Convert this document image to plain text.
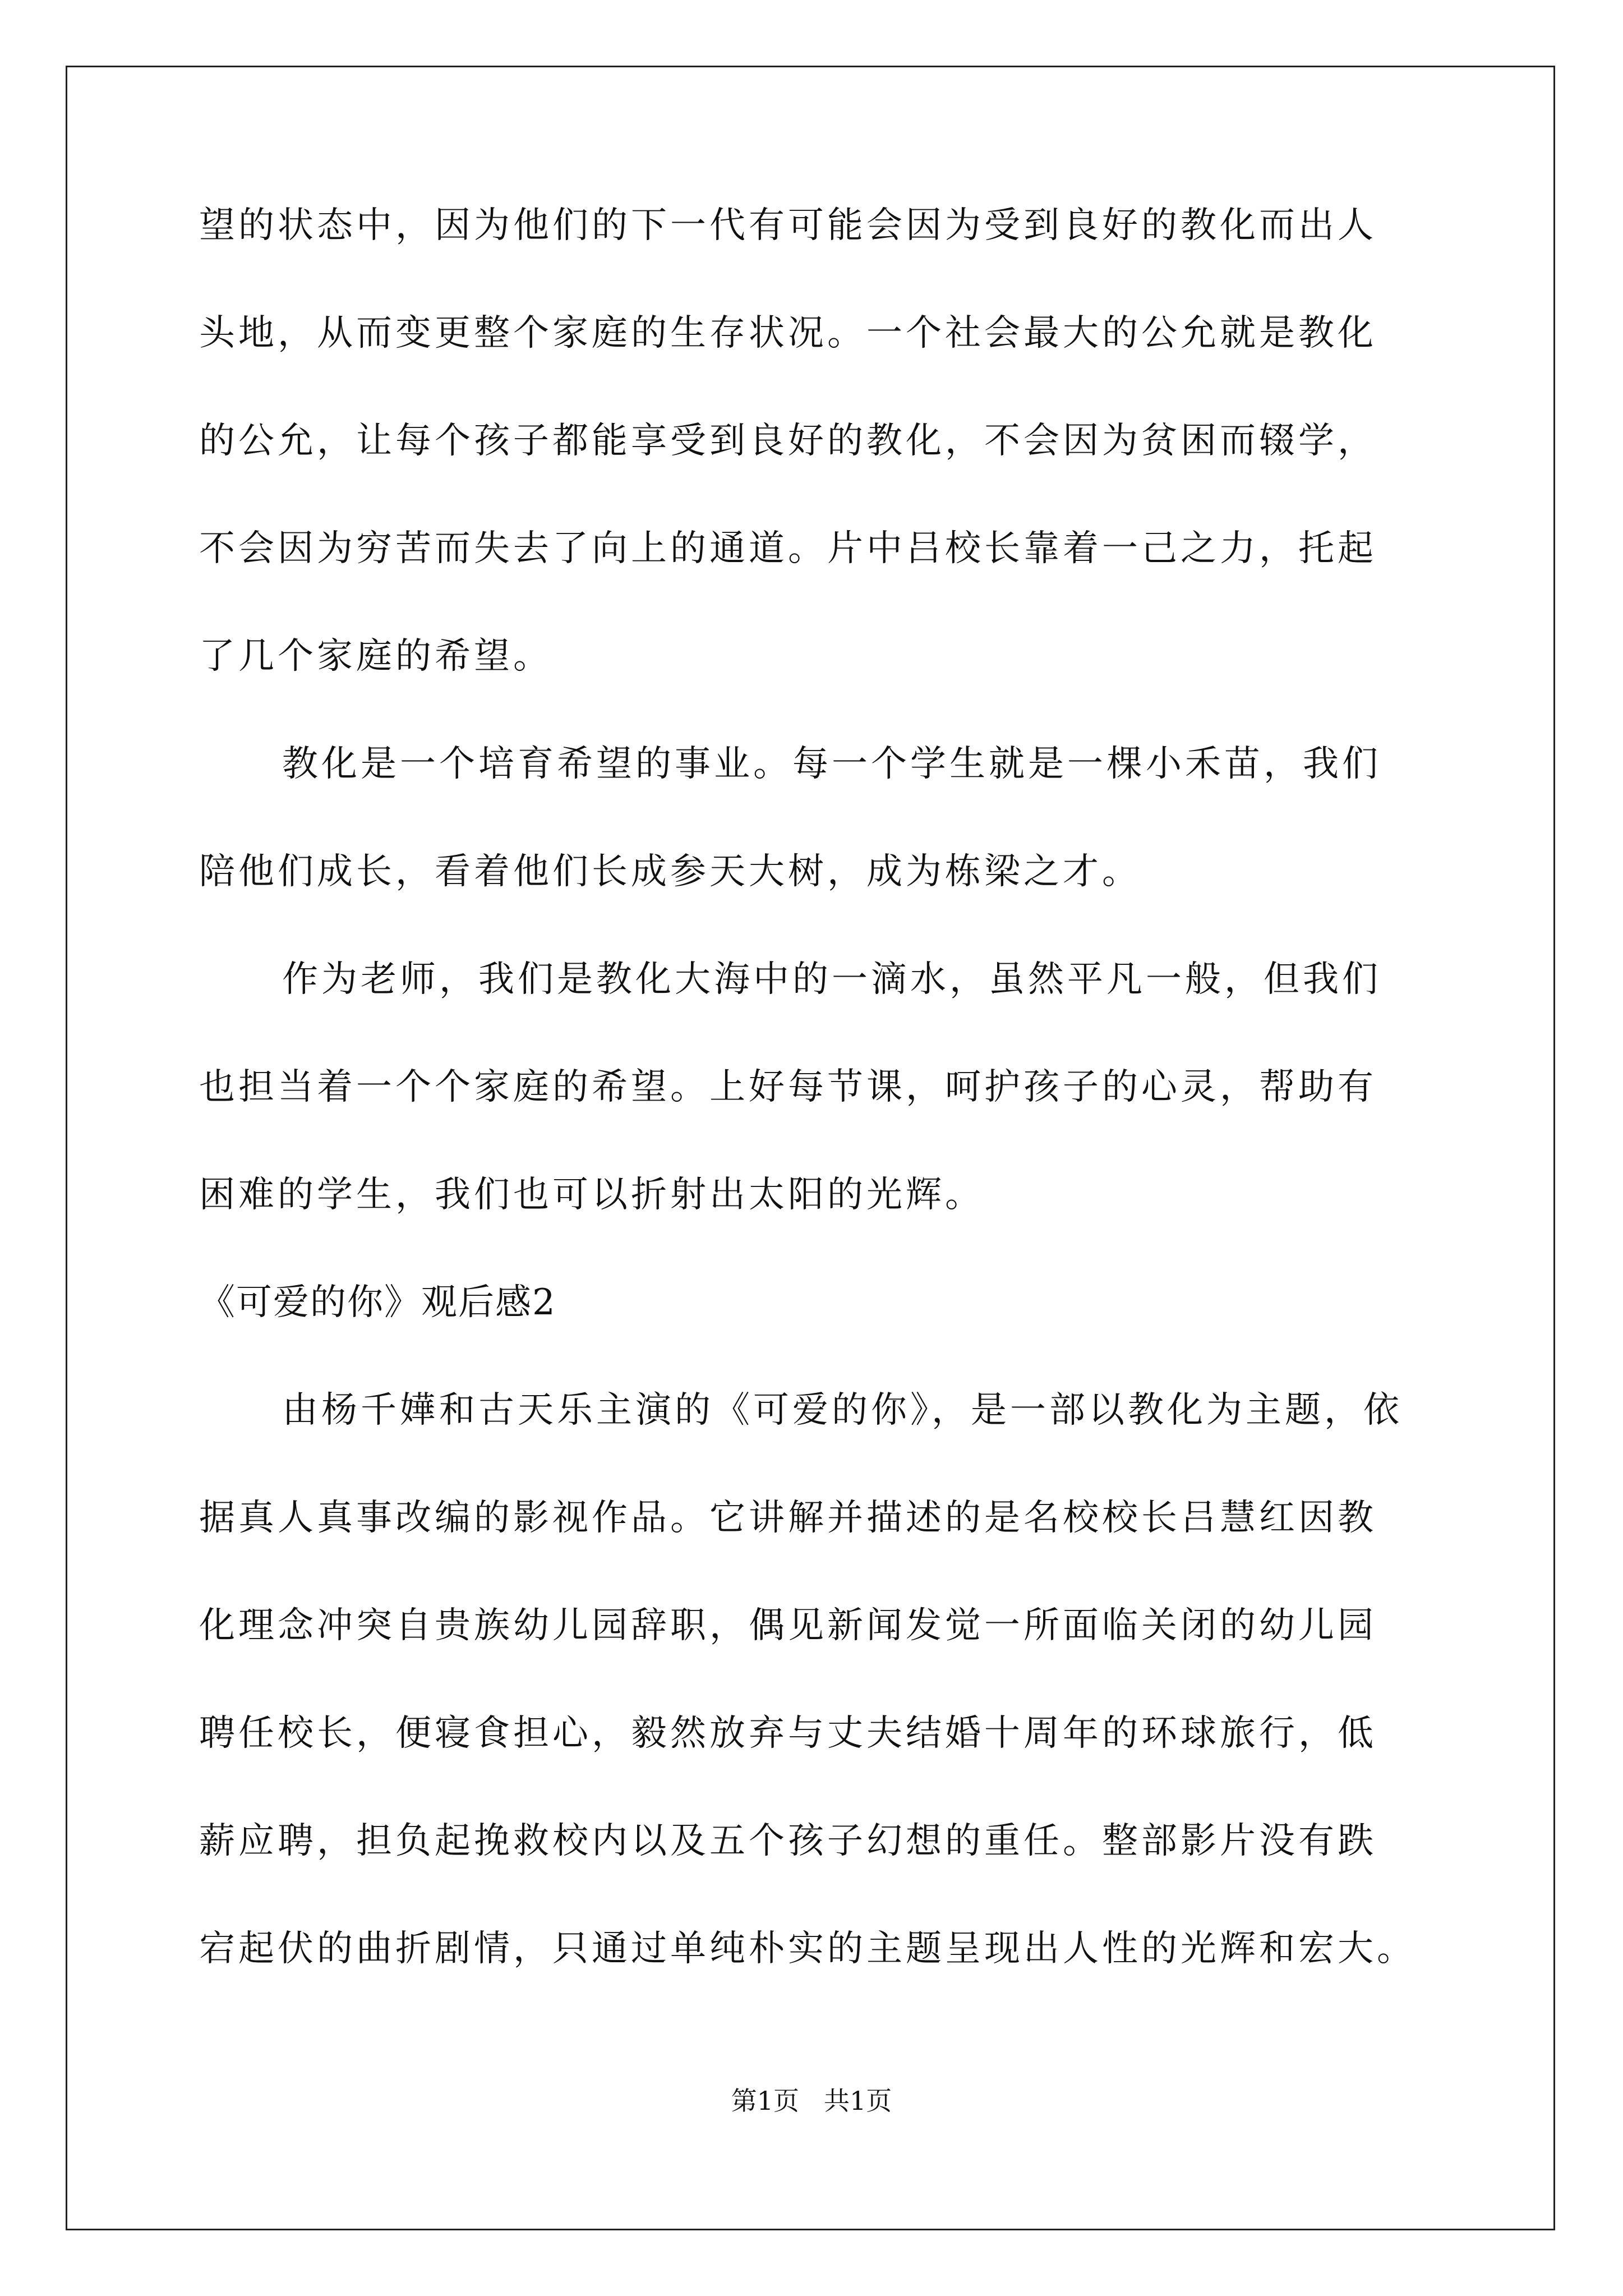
望的状态中，因为他们的下一代有可能会因为受到良好的教化而出人
头地，从而变更整个家庭的生存状况。一个社会最大的公允就是教化
的公允，让每个孩子都能享受到良好的教化，不会因为贫困而辍学，
不会因为穷苦而失去了向上的通道。片中吕校长靠着一己之力，托起
了几个家庭的希望。
教化是一个培育希望的事业。每一个学生就是一棵小禾苗，我们
陪他们成长，看着他们长成参天大树，成为栋梁之才。
作为老师，我们是教化大海中的一滴水，虽然平凡一般，但我们
也担当着一个个家庭的希望。上好每节课，呵护孩子的心灵，帮助有
困难的学生，我们也可以折射出太阳的光辉。
《可爱的你》观后感2
由杨千嬅和古天乐主演的《可爱的你》，是一部以教化为主题，依
据真人真事改编的影视作品。它讲解并描述的是名校校长吕慧红因教
化理念冲突自贵族幼儿园辞职，偶见新闻发觉一所面临关闭的幼儿园
聘任校长，便寝食担心，毅然放弃与丈夫结婚十周年的环球旅行，低
薪应聘，担负起挽救校内以及五个孩子幻想的重任。整部影片没有跌
宕起伏的曲折剧情，只通过单纯朴实的主题呈现出人性的光辉和宏大。
第1页 共1页
